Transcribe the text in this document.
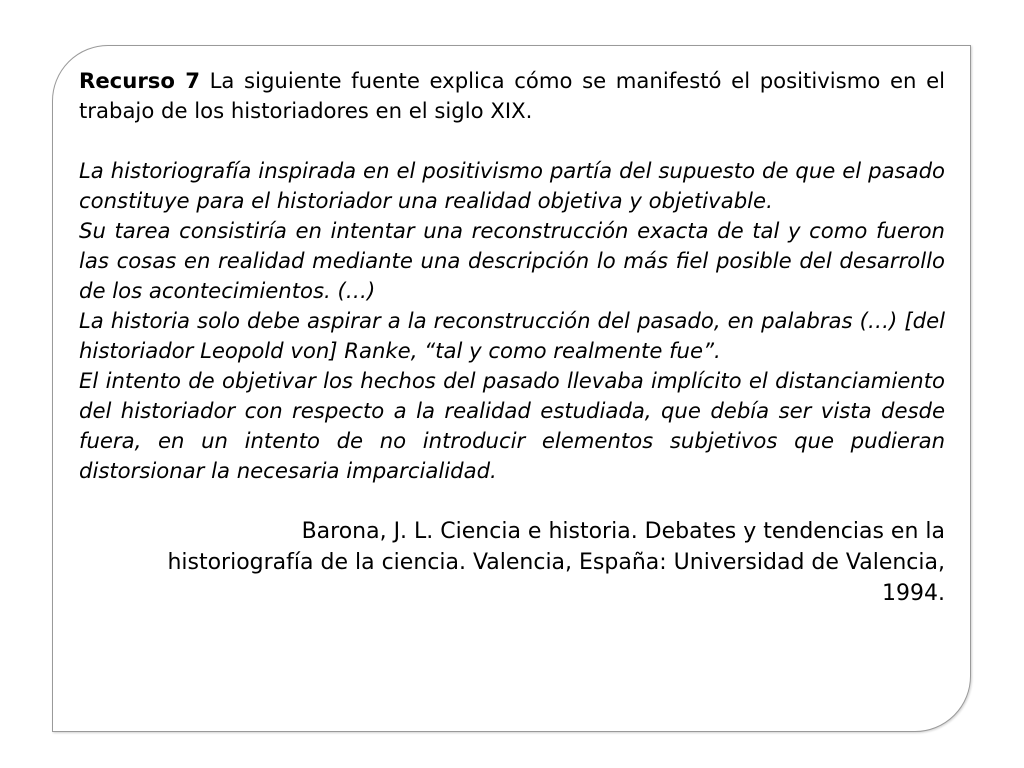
Recurso 7 La siguiente fuente explica cómo se manifestó el positivismo en el trabajo de los historiadores en el siglo XIX.

La historiografía inspirada en el positivismo partía del supuesto de que el pasado constituye para el historiador una realidad objetiva y objetivable.

Su tarea consistiría en intentar una reconstrucción exacta de tal y como fueron las cosas en realidad mediante una descripción lo más fiel posible del desarrollo de los acontecimientos. (…)

La historia solo debe aspirar a la reconstrucción del pasado, en palabras (…) [del historiador Leopold von] Ranke, “tal y como realmente fue”.

El intento de objetivar los hechos del pasado llevaba implícito el distanciamiento del historiador con respecto a la realidad estudiada, que debía ser vista desde fuera, en un intento de no introducir elementos subjetivos que pudieran distorsionar la necesaria imparcialidad.

Barona, J. L. Ciencia e historia. Debates y tendencias en la historiografía de la ciencia. Valencia, España: Universidad de Valencia, 1994.
